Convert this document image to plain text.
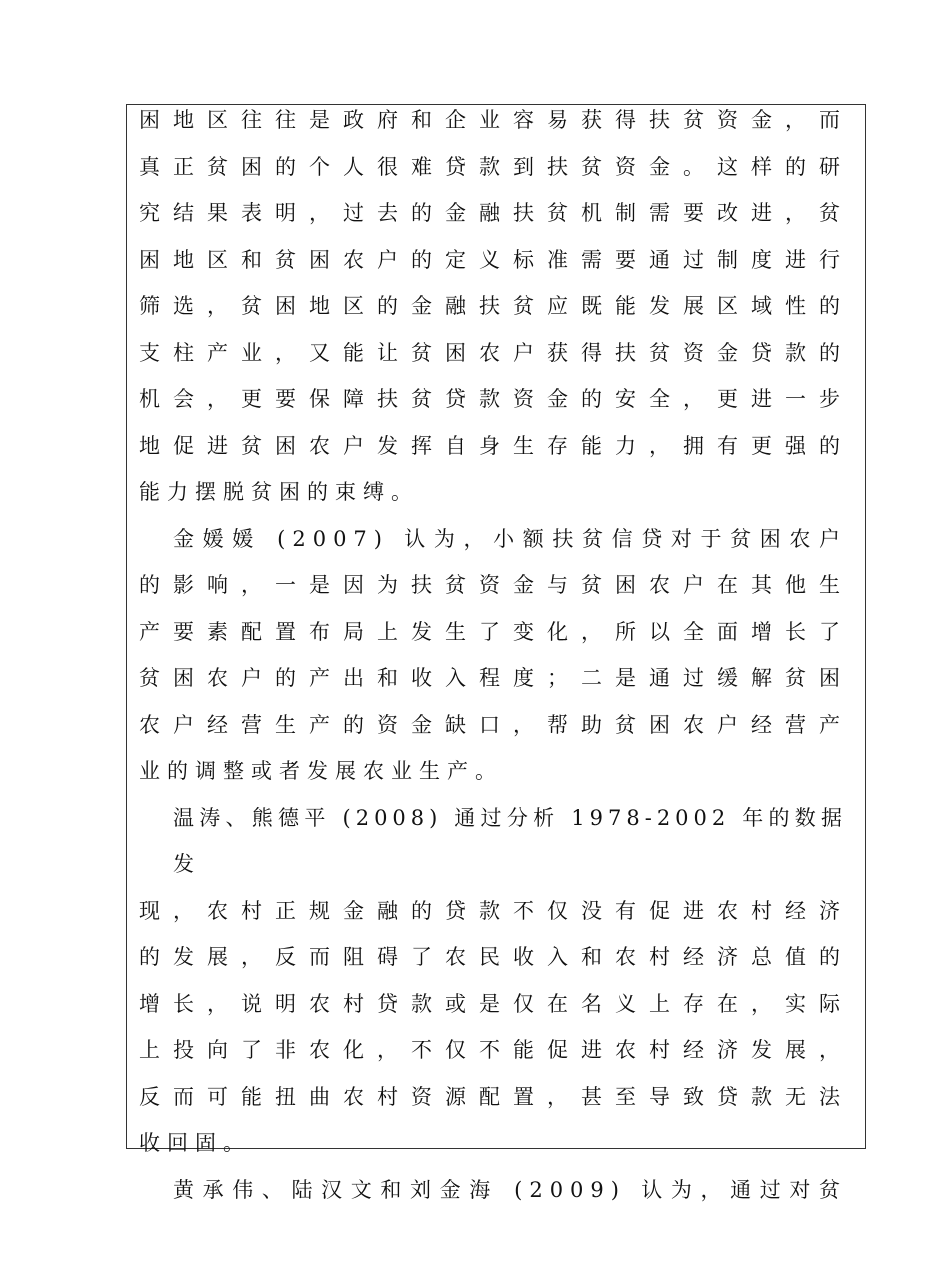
困地区往往是政府和企业容易获得扶贫资金，而
真正贫困的个人很难贷款到扶贫资金。这样的研
究结果表明，过去的金融扶贫机制需要改进，贫
困地区和贫困农户的定义标准需要通过制度进行
筛选，贫困地区的金融扶贫应既能发展区域性的
支柱产业，又能让贫困农户获得扶贫资金贷款的
机会，更要保障扶贫贷款资金的安全，更进一步
地促进贫困农户发挥自身生存能力，拥有更强的
能力摆脱贫困的束缚。

金媛媛 (2007) 认为，小额扶贫信贷对于贫困农户
的影响，一是因为扶贫资金与贫困农户在其他生
产要素配置布局上发生了变化，所以全面增长了
贫困农户的产出和收入程度；二是通过缓解贫困
农户经营生产的资金缺口，帮助贫困农户经营产
业的调整或者发展农业生产。

温涛、熊德平 (2008) 通过分析 1978-2002 年的数据发
现，农村正规金融的贷款不仅没有促进农村经济
的发展，反而阻碍了农民收入和农村经济总值的
增长，说明农村贷款或是仅在名义上存在，实际
上投向了非农化，不仅不能促进农村经济发展，
反而可能扭曲农村资源配置，甚至导致贷款无法
收回固。

黄承伟、陆汉文和刘金海 (2009) 认为，通过对贫
